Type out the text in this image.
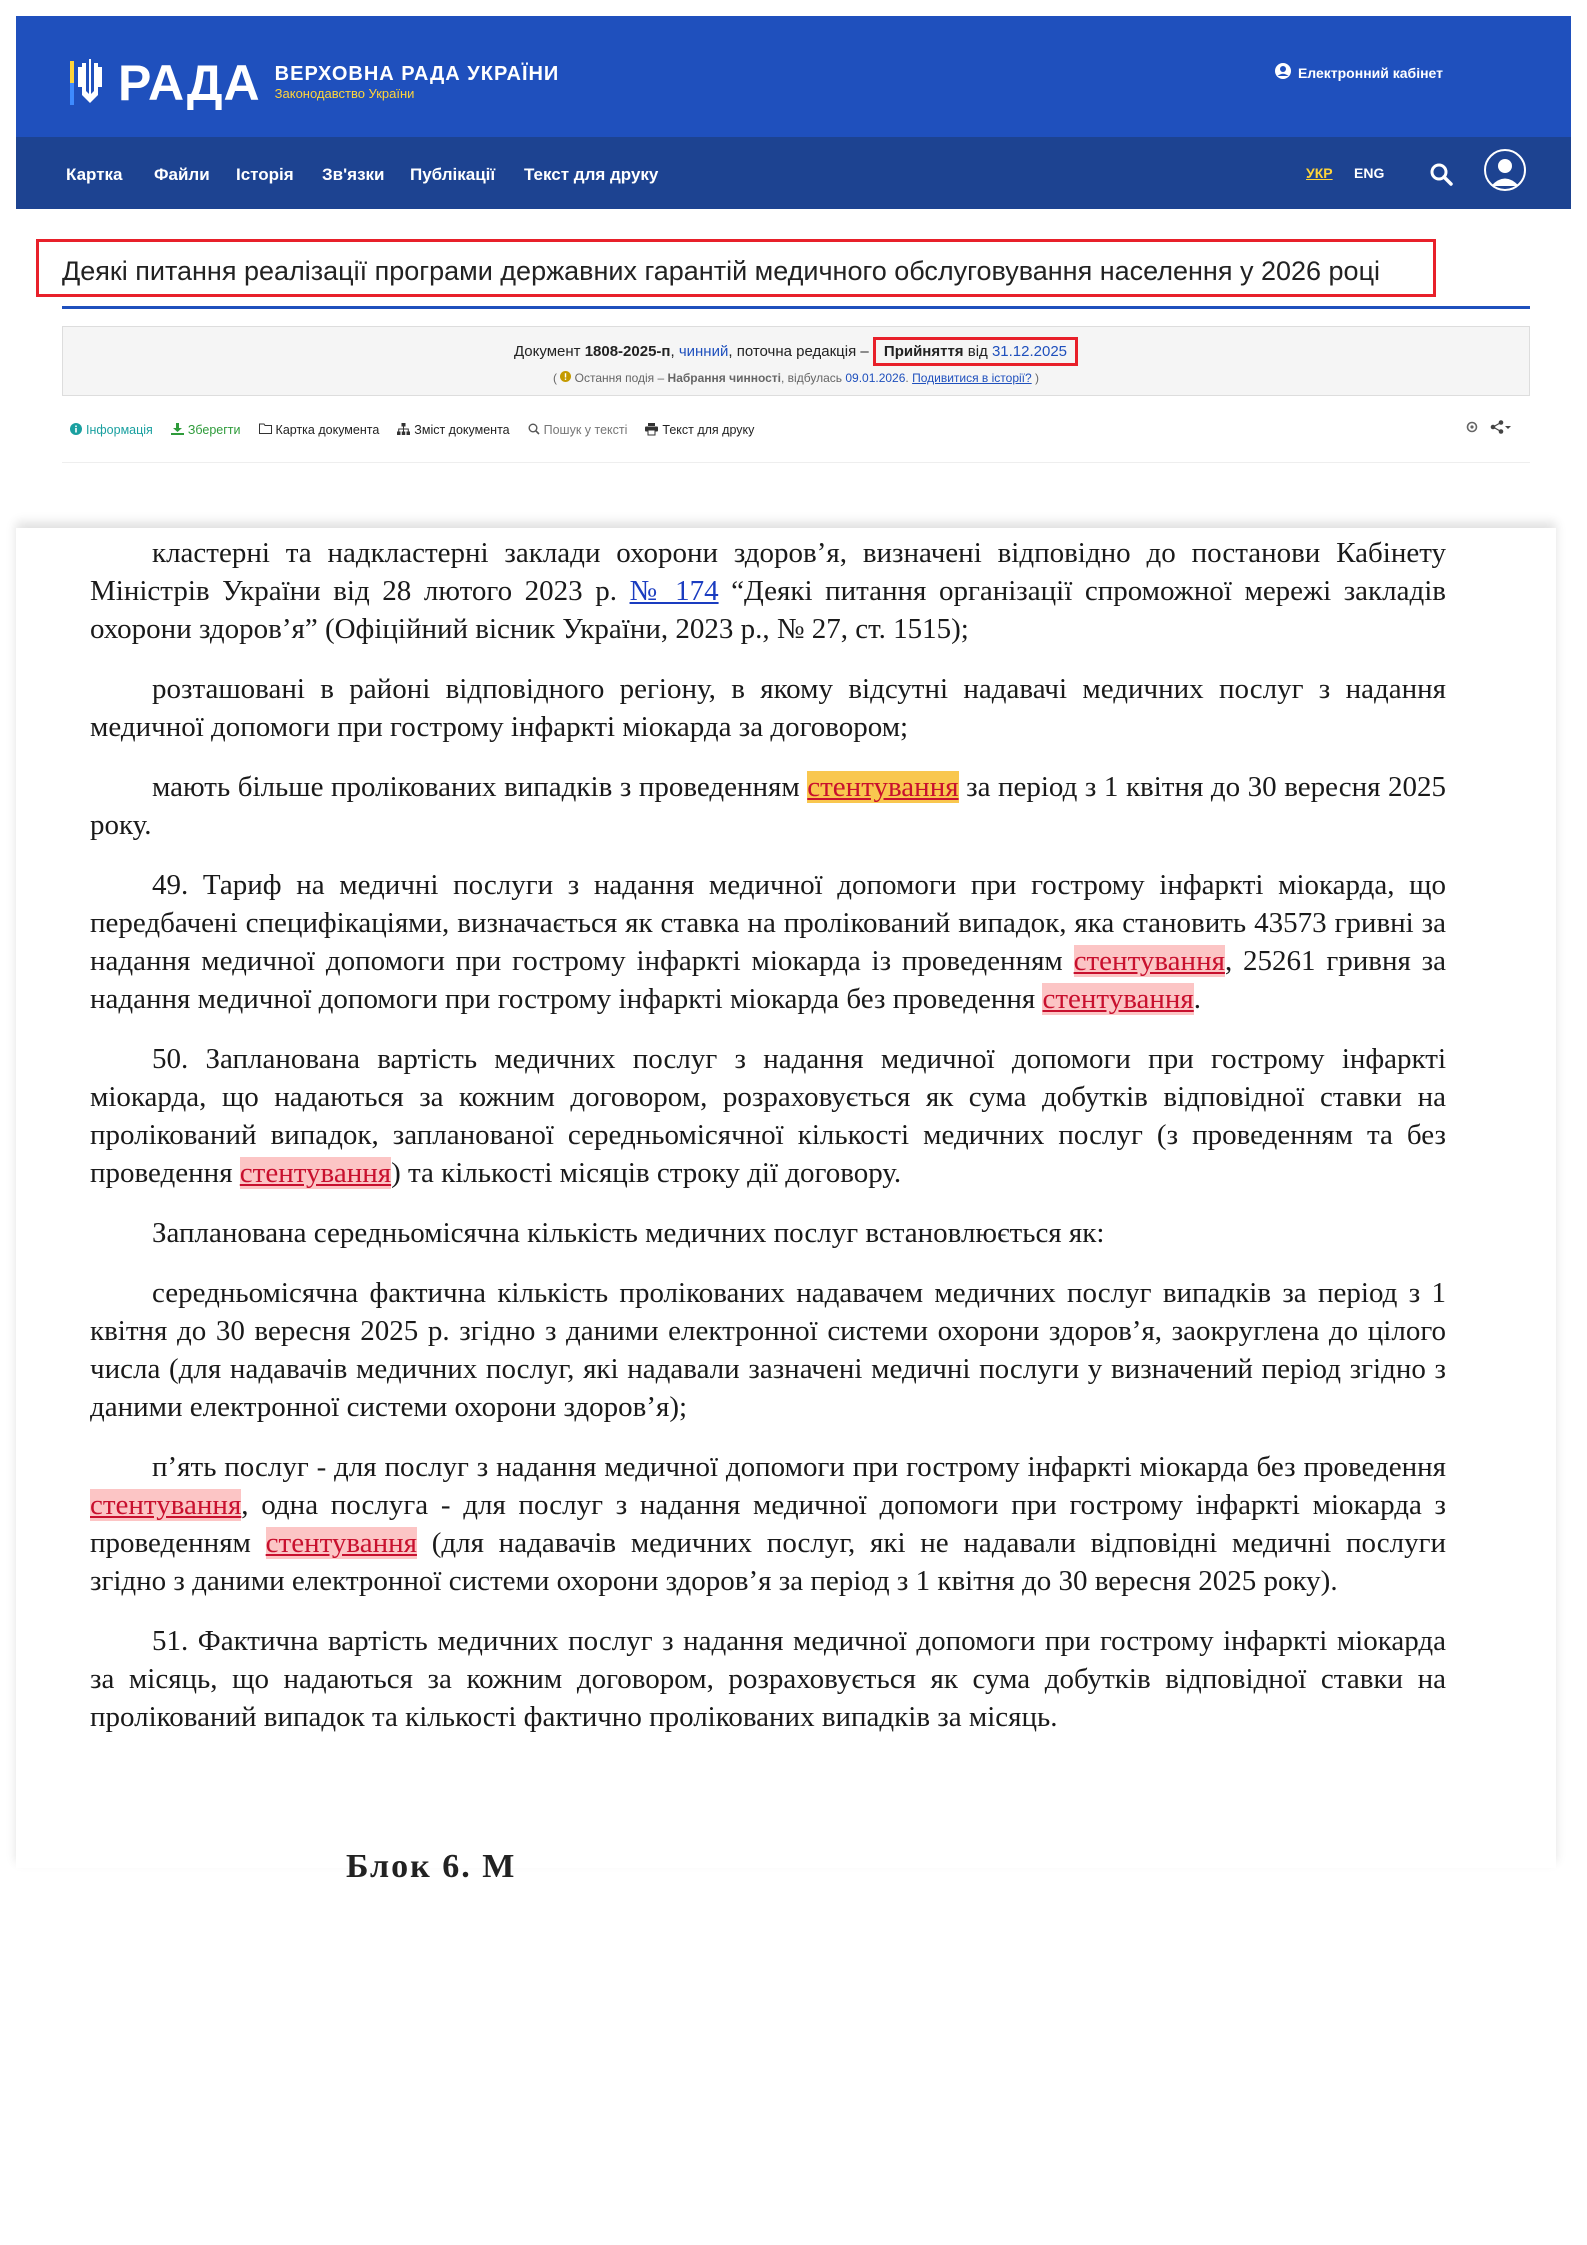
РАДА ВЕРХОВНА РАДА УКРАЇНИ
Законодавство України
Електронний кабінет
Картка Файли Історія Зв'язки Публікації Текст для друку	УКР ENG
Деякі питання реалізації програми державних гарантій медичного обслуговування населення у 2026 році
Документ 1808-2025-п, чинний, поточна редакція – Прийняття від 31.12.2025
(  Остання подія – Набрання чинності, відбулась 09.01.2026. Подивитися в історії? )
Інформація	Зберегти	Картка документа	Зміст документа	Пошук у тексті	Текст для друку

кластерні та надкластерні заклади охорони здоров’я, визначені відповідно до постанови Кабінету Міністрів України від 28 лютого 2023 р. № 174 “Деякі питання організації спроможної мережі закладів охорони здоров’я” (Офіційний вісник України, 2023 р., № 27, ст. 1515);

розташовані в районі відповідного регіону, в якому відсутні надавачі медичних послуг з надання медичної допомоги при гострому інфаркті міокарда за договором;

мають більше пролікованих випадків з проведенням стентування за період з 1 квітня до 30 вересня 2025 року.

49. Тариф на медичні послуги з надання медичної допомоги при гострому інфаркті міокарда, що передбачені специфікаціями, визначається як ставка на пролікований випадок, яка становить 43573 гривні за надання медичної допомоги при гострому інфаркті міокарда із проведенням стентування, 25261 гривня за надання медичної допомоги при гострому інфаркті міокарда без проведення стентування.

50. Запланована вартість медичних послуг з надання медичної допомоги при гострому інфаркті міокарда, що надаються за кожним договором, розраховується як сума добутків відповідної ставки на пролікований випадок, запланованої середньомісячної кількості медичних послуг (з проведенням та без проведення стентування) та кількості місяців строку дії договору.

Запланована середньомісячна кількість медичних послуг встановлюється як:

середньомісячна фактична кількість пролікованих надавачем медичних послуг випадків за період з 1 квітня до 30 вересня 2025 р. згідно з даними електронної системи охорони здоров’я, заокруглена до цілого числа (для надавачів медичних послуг, які надавали зазначені медичні послуги у визначений період згідно з даними електронної системи охорони здоров’я);

п’ять послуг - для послуг з надання медичної допомоги при гострому інфаркті міокарда без проведення стентування, одна послуга - для послуг з надання медичної допомоги при гострому інфаркті міокарда з проведенням стентування (для надавачів медичних послуг, які не надавали відповідні медичні послуги згідно з даними електронної системи охорони здоров’я за період з 1 квітня до 30 вересня 2025 року).

51. Фактична вартість медичних послуг з надання медичної допомоги при гострому інфаркті міокарда за місяць, що надаються за кожним договором, розраховується як сума добутків відповідної ставки на пролікований випадок та кількості фактично пролікованих випадків за місяць.

Блок 6. М
